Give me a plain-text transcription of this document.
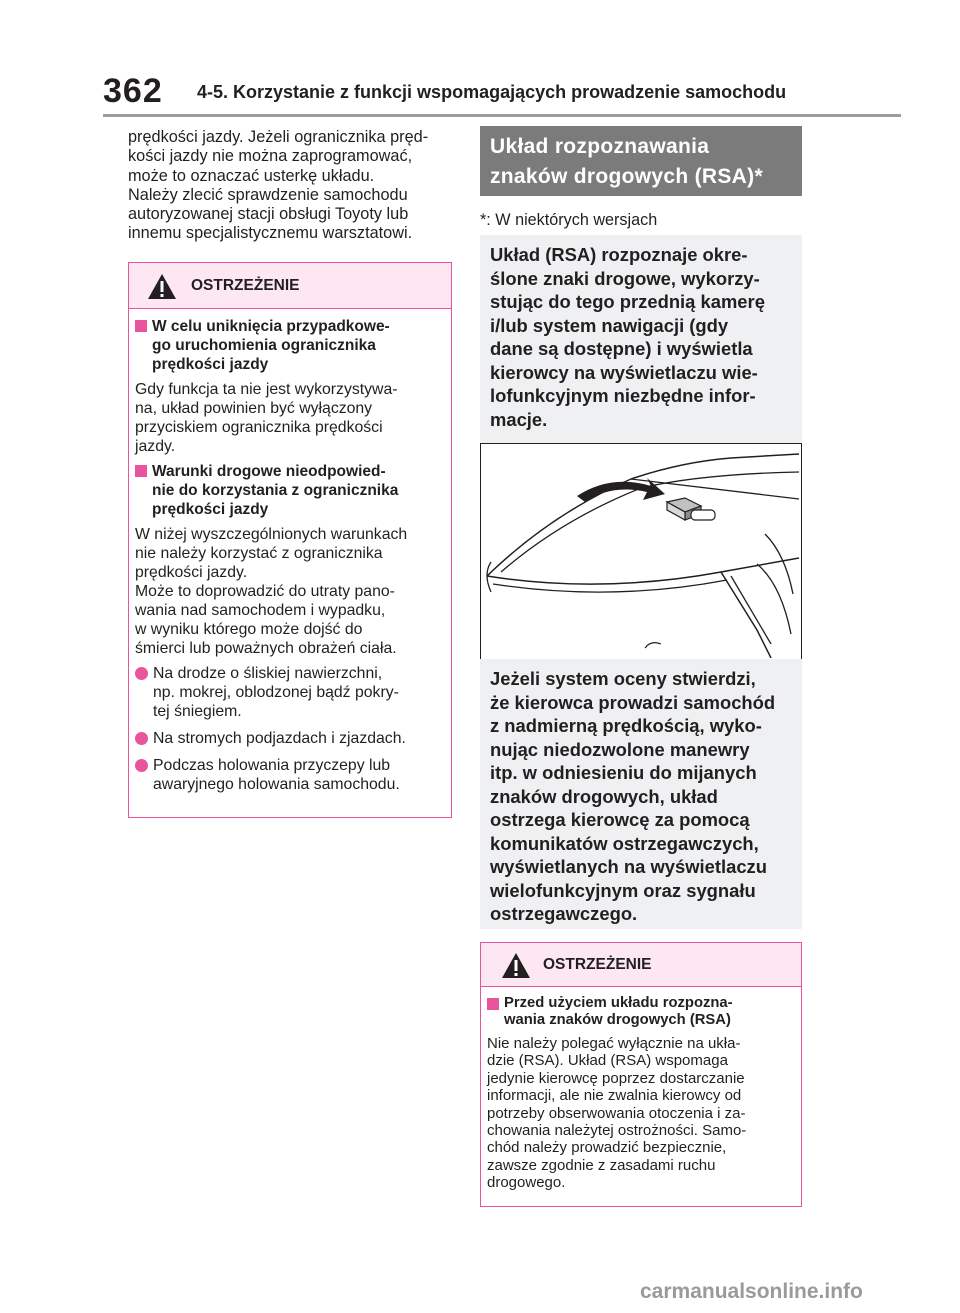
362 4-5. Korzystanie z funkcji wspomagających prowadzenie samochodu
prędkości jazdy. Jeżeli ogranicznika pręd-
kości jazdy nie można zaprogramować,
może to oznaczać usterkę układu.
Należy zlecić sprawdzenie samochodu
autoryzowanej stacji obsługi Toyoty lub
innemu specjalistycznemu warsztatowi.
OSTRZEŻENIE
W celu uniknięcia przypadkowe-
go uruchomienia ogranicznika
prędkości jazdy
Gdy funkcja ta nie jest wykorzystywa-
na, układ powinien być wyłączony
przyciskiem ogranicznika prędkości
jazdy.
Warunki drogowe nieodpowied-
nie do korzystania z ogranicznika
prędkości jazdy
W niżej wyszczególnionych warunkach
nie należy korzystać z ogranicznika
prędkości jazdy.
Może to doprowadzić do utraty pano-
wania nad samochodem i wypadku,
w wyniku którego może dojść do
śmierci lub poważnych obrażeń ciała.
Na drodze o śliskiej nawierzchni,
np. mokrej, oblodzonej bądź pokry-
tej śniegiem.
Na stromych podjazdach i zjazdach.
Podczas holowania przyczepy lub
awaryjnego holowania samochodu.
Układ rozpoznawania
znaków drogowych (RSA)*
*: W niektórych wersjach
Układ (RSA) rozpoznaje okre-
ślone znaki drogowe, wykorzy-
stując do tego przednią kamerę
i/lub system nawigacji (gdy
dane są dostępne) i wyświetla
kierowcy na wyświetlaczu wie-
lofunkcyjnym niezbędne infor-
macje.
Jeżeli system oceny stwierdzi,
że kierowca prowadzi samochód
z nadmierną prędkością, wyko-
nując niedozwolone manewry
itp. w odniesieniu do mijanych
znaków drogowych, układ
ostrzega kierowcę za pomocą
komunikatów ostrzegawczych,
wyświetlanych na wyświetlaczu
wielofunkcyjnym oraz sygnału
ostrzegawczego.
OSTRZEŻENIE
Przed użyciem układu rozpozna-
wania znaków drogowych (RSA)
Nie należy polegać wyłącznie na ukła-
dzie (RSA). Układ (RSA) wspomaga
jedynie kierowcę poprzez dostarczanie
informacji, ale nie zwalnia kierowcy od
potrzeby obserwowania otoczenia i za-
chowania należytej ostrożności. Samo-
chód należy prowadzić bezpiecznie,
zawsze zgodnie z zasadami ruchu
drogowego.
carmanualsonline.info
